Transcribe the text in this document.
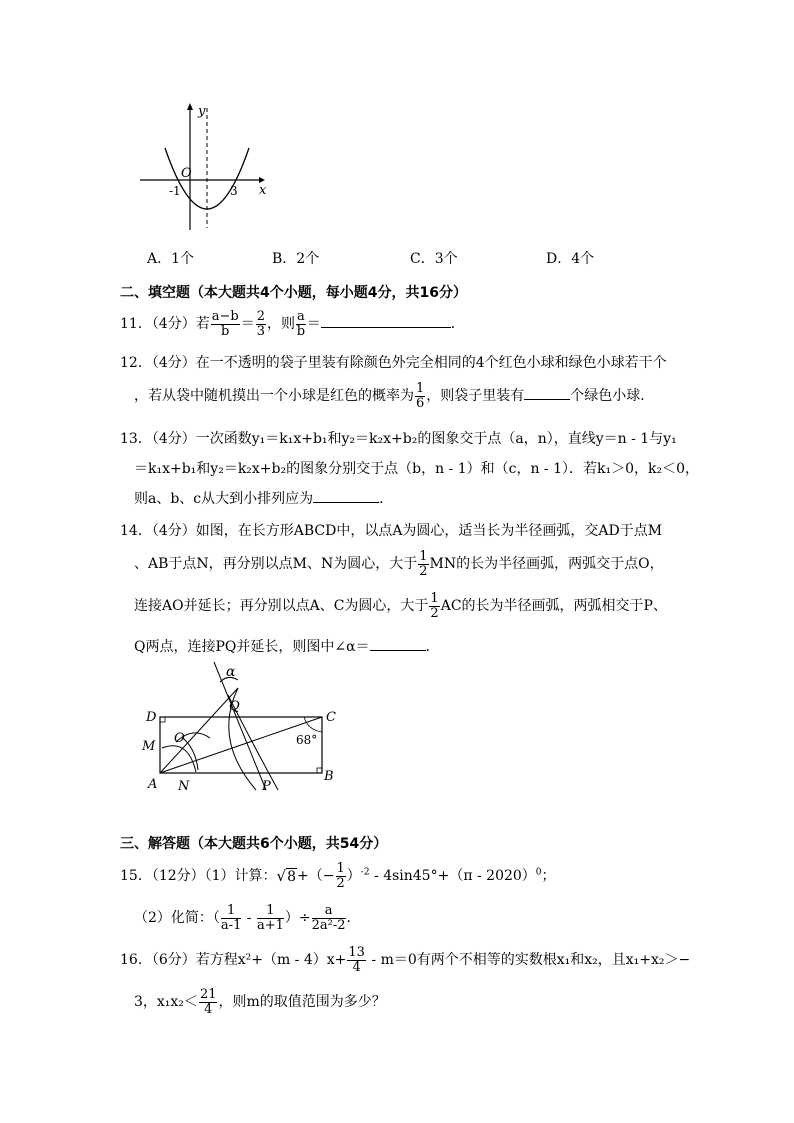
y
O
-1	3 x
A．1个	B．2个	C．3个	D．4个
二、填空题（本大题共4个小题，每小题4分，共16分）
11．（4分）若 $\frac{a-b}{b} = \frac{2}{3}$ ，则 $\frac{a}{b}$ ＝	．
12．（4分）在一不透明的袋子里装有除颜色外完全相同的4个红色小球和绿色小球若干个
，若从袋中随机摸出一个小球是红色的概率为 $\frac{1}{6}$ ，则袋子里装有	个绿色小球．
13．（4分）一次函数y₁＝k₁x+b₁和y₂＝k₂x+b₂的图象交于点（a，n），直线y＝n - 1与y₁
＝k₁x+b₁和y₂＝k₂x+b₂的图象分别交于点（b，n - 1）和（c，n - 1）．若k₁＞0，k₂＜0，
则a、b、c从大到小排列应为	．
14．（4分）如图，在长方形ABCD中，以点A为圆心，适当长为半径画弧，交AD于点M
、AB于点N，再分别以点M、N为圆心，大于 $\frac{1}{2}$ MN的长为半径画弧，两弧交于点O，
连接AO并延长；再分别以点A、C为圆心，大于 $\frac{1}{2}$ AC的长为半径画弧，两弧相交于P、
Q两点，连接PQ并延长，则图中∠α＝	．
α
Q
D	C
O
M	68°
A N
B
P
三、解答题（本大题共6个小题，共54分）
15．（12分）（1）计算：$√8+(- \frac{1}{2} )^{-2} - 4\sin 45^\circ+(\pi - 2020)^0$；
（2）化简：（ $\frac{1}{a-1} - \frac{1}{a+1}$ ）÷ $\frac{a}{\text{2a²-2}}$ ．
16．（6分）若方程$x^2+(m - 4)x+ \frac{13}{4} - m=0$有两个不相等的实数根x₁和x₂，且x₁+x₂＞−
3，$x_1x_2< \frac{21}{4}$ ，则m的取值范围为多少？
